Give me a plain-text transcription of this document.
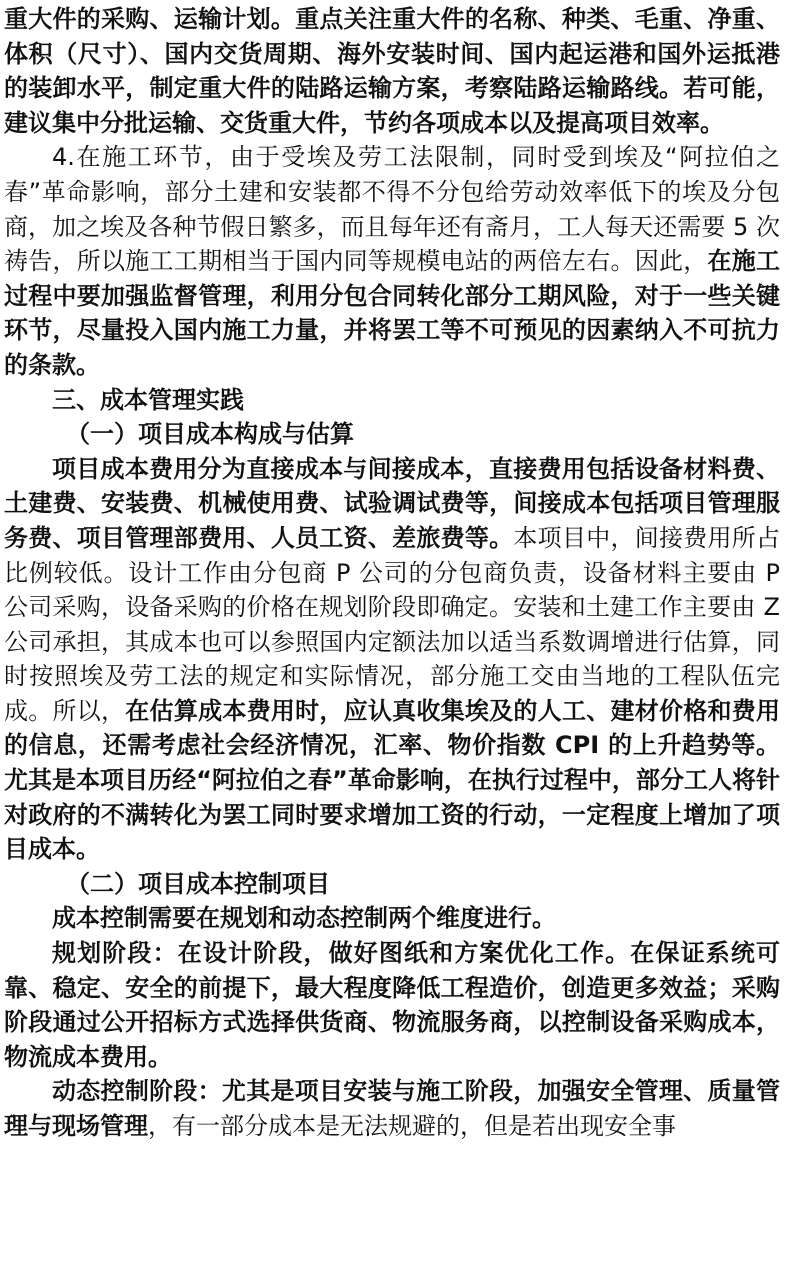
重大件的采购、运输计划。重点关注重大件的名称、种类、毛重、净重、体积（尺寸）、国内交货周期、海外安装时间、国内起运港和国外运抵港的装卸水平，制定重大件的陆路运输方案，考察陆路运输路线。若可能，建议集中分批运输、交货重大件，节约各项成本以及提高项目效率。

4.在施工环节，由于受埃及劳工法限制，同时受到埃及“阿拉伯之春”革命影响，部分土建和安装都不得不分包给劳动效率低下的埃及分包商，加之埃及各种节假日繁多，而且每年还有斋月，工人每天还需要 5 次祷告，所以施工工期相当于国内同等规模电站的两倍左右。因此，在施工过程中要加强监督管理，利用分包合同转化部分工期风险，对于一些关键环节，尽量投入国内施工力量，并将罢工等不可预见的因素纳入不可抗力的条款。

三、成本管理实践

（一）项目成本构成与估算

项目成本费用分为直接成本与间接成本，直接费用包括设备材料费、土建费、安装费、机械使用费、试验调试费等，间接成本包括项目管理服务费、项目管理部费用、人员工资、差旅费等。本项目中，间接费用所占比例较低。设计工作由分包商 P 公司的分包商负责，设备材料主要由 P 公司采购，设备采购的价格在规划阶段即确定。安装和土建工作主要由 Z 公司承担，其成本也可以参照国内定额法加以适当系数调增进行估算，同时按照埃及劳工法的规定和实际情况，部分施工交由当地的工程队伍完成。所以，在估算成本费用时，应认真收集埃及的人工、建材价格和费用的信息，还需考虑社会经济情况，汇率、物价指数 CPI 的上升趋势等。尤其是本项目历经“阿拉伯之春”革命影响，在执行过程中，部分工人将针对政府的不满转化为罢工同时要求增加工资的行动，一定程度上增加了项目成本。

（二）项目成本控制项目

成本控制需要在规划和动态控制两个维度进行。

规划阶段：在设计阶段，做好图纸和方案优化工作。在保证系统可靠、稳定、安全的前提下，最大程度降低工程造价，创造更多效益；采购阶段通过公开招标方式选择供货商、物流服务商，以控制设备采购成本，物流成本费用。

动态控制阶段：尤其是项目安装与施工阶段，加强安全管理、质量管理与现场管理，有一部分成本是无法规避的，但是若出现安全事
